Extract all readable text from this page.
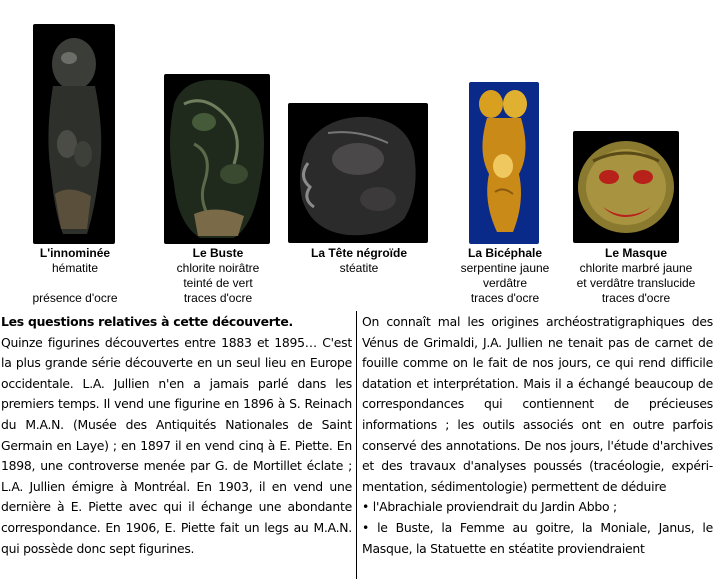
L'innominée
hématite
présence d'ocre
Le Buste
chlorite noirâtre
teinté de vert
traces d'ocre
La Tête négroïde
stéatite
La Bicéphale
serpentine jaune
verdâtre
traces d'ocre
Le Masque
chlorite marbré jaune
et verdâtre translucide
traces d'ocre

Les questions relatives à cette découverte.

Quinze figurines découvertes entre 1883 et 1895… C'est la plus grande série découverte en un seul lieu en Europe occidentale. L.A. Jullien n'en a jamais parlé dans les premiers temps. Il vend une figurine en 1896 à S. Reinach du M.A.N. (Musée des Antiquités Nationales de Saint Germain en Laye) ; en 1897 il en vend cinq à E. Piette. En 1898, une controverse menée par G. de Mortillet éclate ; L.A. Jullien émigre à Montréal. En 1903, il en vend une dernière à E. Piette avec qui il échange une abondante correspondance. En 1906, E. Piette fait un legs au M.A.N. qui possède donc sept figurines.

On connaît mal les origines archéostratigraphiques des Vénus de Grimaldi, J.A. Jullien ne tenait pas de carnet de fouille comme on le fait de nos jours, ce qui rend difficile datation et interprétation. Mais il a échangé beaucoup de correspondances qui contiennent de précieuses informations ; les outils associés ont en outre parfois conservé des annotations. De nos jours, l'étude d'archives et des travaux d'analyses poussés (tracéologie, expéri-mentation, sédimentologie) permettent de déduire

• l'Abrachiale proviendrait du Jardin Abbo ;

• le Buste, la Femme au goitre, la Moniale, Janus, le Masque, la Statuette en stéatite proviendraient
